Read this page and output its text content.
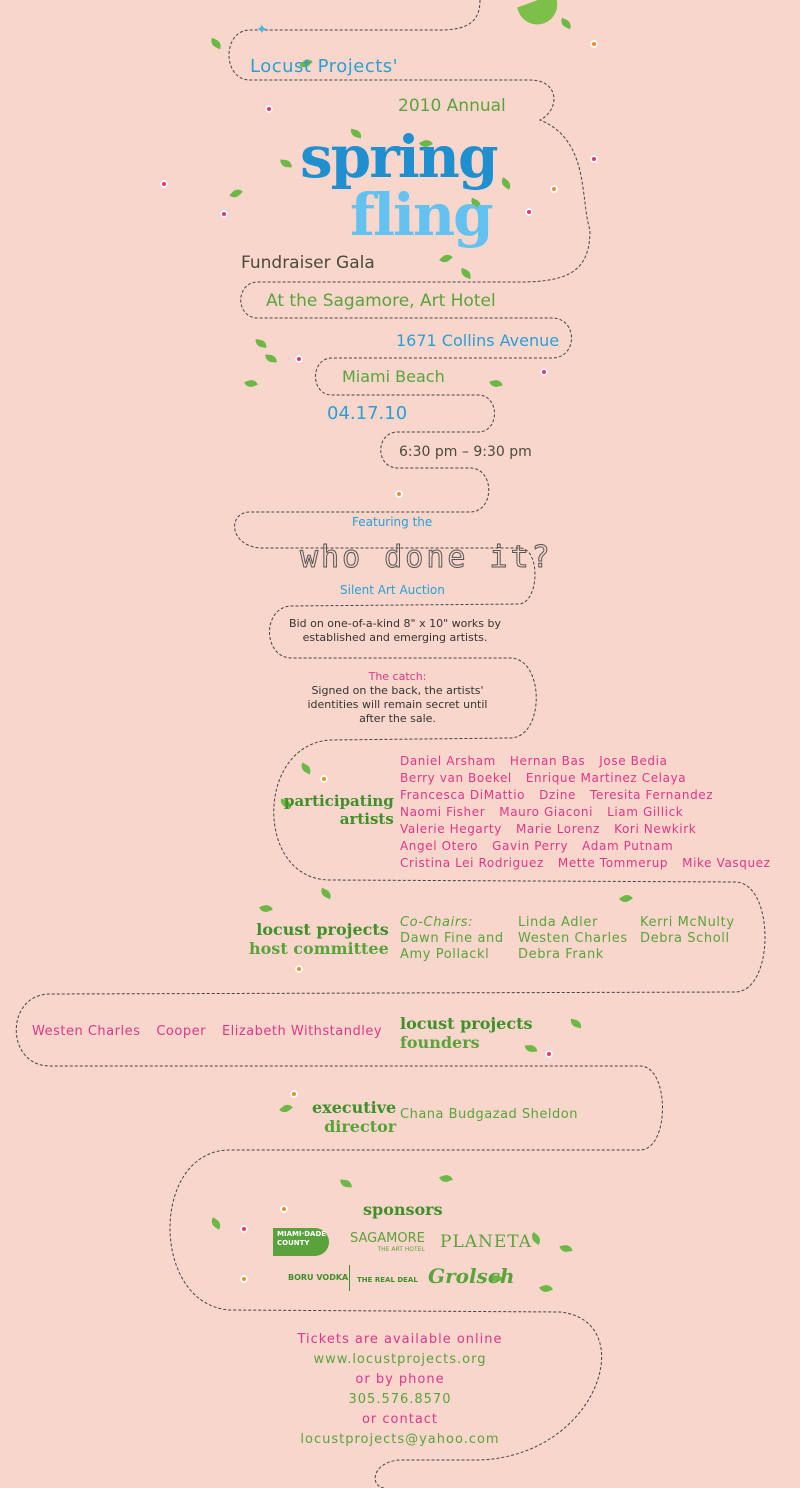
✦
Locust Projects'
2010 Annual
spring
fling
Fundraiser Gala
At the Sagamore, Art Hotel
1671 Collins Avenue
Miami Beach
04.17.10
6:30 pm – 9:30 pm
Featuring the
who done it?
Silent Art Auction
Bid on one-of-a-kind 8" x 10" works by
established and emerging artists.
The catch:
Signed on the back, the artists'
identities will remain secret until
after the sale.
participating
artists
Daniel Arsham Hernan Bas Jose Bedia
Berry van Boekel Enrique Martinez Celaya
Francesca DiMattio Dzine Teresita Fernandez
Naomi Fisher Mauro Giaconi Liam Gillick
Valerie Hegarty Marie Lorenz Kori Newkirk
Angel Otero Gavin Perry Adam Putnam
Cristina Lei Rodriguez Mette Tommerup Mike Vasquez
locust projects
host committee
Co-Chairs:
Dawn Fine and
Amy Pollackl
Linda Adler
Westen Charles
Debra Frank
Kerri McNulty
Debra Scholl
Westen Charles Cooper Elizabeth Withstandley locust projects
founders
executive
director
Chana Budgazad Sheldon
sponsors
MIAMI·DADE
COUNTY	SAGAMORE
THE ART HOTEL PLANETA
BORU VODKA THE REAL DEAL Grolsch
Tickets are available online
www.locustprojects.org
or by phone
305.576.8570
or contact
locustprojects@yahoo.com
